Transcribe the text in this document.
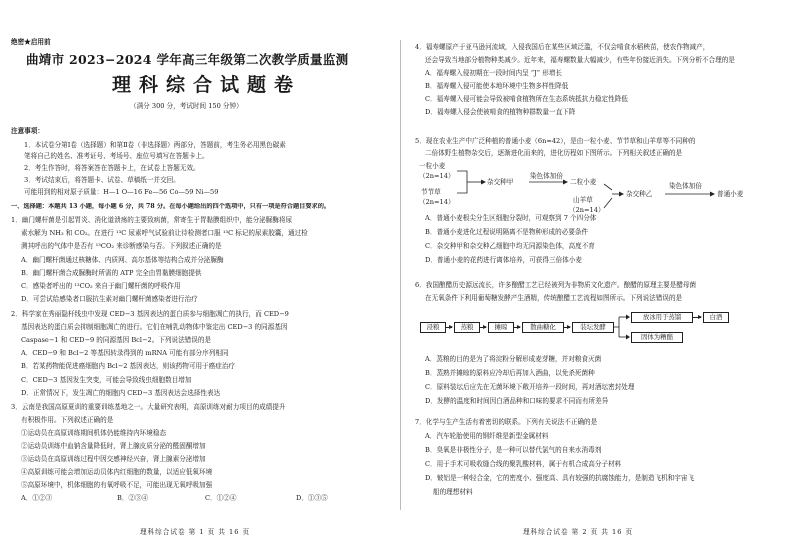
绝密★启用前
曲靖市 2023−2024 学年高三年级第二次教学质量监测
理科综合试题卷
（满分 300 分，考试时间 150 分钟）
注意事项：
1．本试卷分第Ⅰ卷（选择题）和第Ⅱ卷（非选择题）两部分，答题前，考生务必用黑色碳素
笔将自己的姓名、准考证号、考场号、座位号填写在答题卡上。
2．考生作答时，将答案答在答题卡上，在试卷上答题无效。
3．考试结束后，将答题卡、试卷、草稿纸一并交回。
可能用到的相对原子质量：H—1 O—16 Fe—56 Co—59 Ni—59
一、选择题：本题共 13 小题，每小题 6 分，共 78 分。在每小题给出的四个选项中，只有一项是符合题目要求的。
1．幽门螺杆菌是引起胃炎、消化道溃疡的主要致病菌，常寄生于胃黏膜组织中，能分泌脲酶将尿
素水解为 NH₃ 和 CO₂。在进行 ¹³C 尿素呼气试验前让待检测者口服 ¹³C 标记的尿素胶囊，通过检
测其呼出的气体中是否有 ¹³CO₂ 来诊断感染与否。下列叙述正确的是
A．幽门螺杆菌通过核糖体、内质网、高尔基体等结构合成并分泌脲酶
B．幽门螺杆菌合成脲酶时所需的 ATP 完全由胃黏膜细胞提供
C．感染者呼出的 ¹³CO₂ 来自于幽门螺杆菌的呼吸作用
D．可尝试给感染者口服抗生素对幽门螺杆菌感染者进行治疗
2．科学家在秀丽隐杆线虫中发现 CED−3 基因表达的蛋白质参与细胞凋亡的执行，而 CED−9
基因表达的蛋白质会抑制细胞凋亡的进行。它们在哺乳动物体中鉴定出 CED−3 的同源基因
Caspase−1 和 CED−9 的同源基因 Bcl−2。下列说法错误的是
A．CED−9 和 Bcl−2 等基因转录得到的 mRNA 可能有部分序列相同
B．若某药物能促进癌细胞内 Bcl−2 基因表达，则该药物可用于癌症治疗
C．CED−3 基因发生突变，可能会导致线虫细胞数目增加
D．正常情况下，发生凋亡的细胞内 CED−3 基因表达会选择性表达
3．云南是我国高原夏训的重要训练基地之一。大量研究表明，高原训练对耐力项目的成绩提升
有积极作用。下列叙述正确的是
①运动员在高原训练期间机体仍能维持内环境稳态
②运动员训练中血钠含量降低时，肾上腺皮质分泌的醛固酮增加
③运动员在高原训练过程中因交感神经兴奋，肾上腺素分泌增加
④高原训练可能会增加运动员体内红细胞的数量，以适应低氧环境
⑤高原环境中，机体细胞的有氧呼吸不足，可能出现无氧呼吸加强
A．①②③	B．②③④	C．①②④	D．①③⑤
理科综合试卷 第 1 页 共 16 页
4．福寿螺原产于亚马逊河流域，入侵我国后在某些区域泛滥，不仅会啃食水稻秧苗，使农作物减产，
还会导致当地部分植物种类减少。近年来，福寿螺数量大幅减少，有些年份接近消失。下列分析不合理的是
A．福寿螺入侵初期在一段时间内呈 “J” 形增长
B．福寿螺入侵可能使本地环境中生物多样性降低
C．福寿螺入侵可能会导致被啃食植物所在生态系统抵抗力稳定性降低
D．福寿螺入侵会使被啃食的植物种群数量一直下降
5．现在农业生产中广泛种植的普通小麦（6n=42），是由一粒小麦、节节草和山羊草等不同种的
二倍体野生植物杂交后，逐渐进化而来的，进化历程如下图所示。下列相关叙述正确的是
一粒小麦
（2n=14）
节节草
（2n=14）
杂交种甲
染色体加倍
二粒小麦
山羊草
（2n=14）
杂交种乙
染色体加倍
普通小麦
A．普通小麦根尖分生区细胞分裂时，可观察到 7 个四分体
B．普通小麦进化过程说明隔离不是物种形成的必要条件
C．杂交种甲和杂交种乙细胞中均无同源染色体，高度不育
D．普通小麦的花药进行离体培养，可获得三倍体小麦
6．我国酿醋历史源远流长，许多酿醋工艺已经被列为非物质文化遗产。酿醋的原理主要是醋母菌
在无氧条件下利用葡萄糖发酵产生酒精，传统酿醋工艺流程如图所示。下列说法错误的是
浸粮	蒸粮	摊晾	散曲糖化	装坛发酵
放冰用于蒸馏	白酒
固体为糟醅
A．蒸粮的目的是为了将淀粉分解形成麦芽糖，并对粮食灭菌
B．蒸熟并摊晾的原料应冷却后再加入酒曲，以免杀死菌种
C．原料装坛后应先在无菌环境下敞开培养一段时间，再对酒坛密封处理
D．发酵的温度和时间因白酒品种和口味的要求不同而有所差异
7．化学与生产生活有着密切的联系。下列有关说法不正确的是
A．汽车轮胎使用的钢纤维是新型金属材料
B．臭氧是非极性分子，是一种可以替代氯气的自来水消毒剂
C．用于手术可吸收缝合线的聚乳酸材料，属于有机合成高分子材料
D．铍铝是一种轻合金，它的密度小、强度高、具有较强的抗腐蚀能力，是制造飞机和宇宙飞
船的理想材料
理科综合试卷 第 2 页 共 16 页
